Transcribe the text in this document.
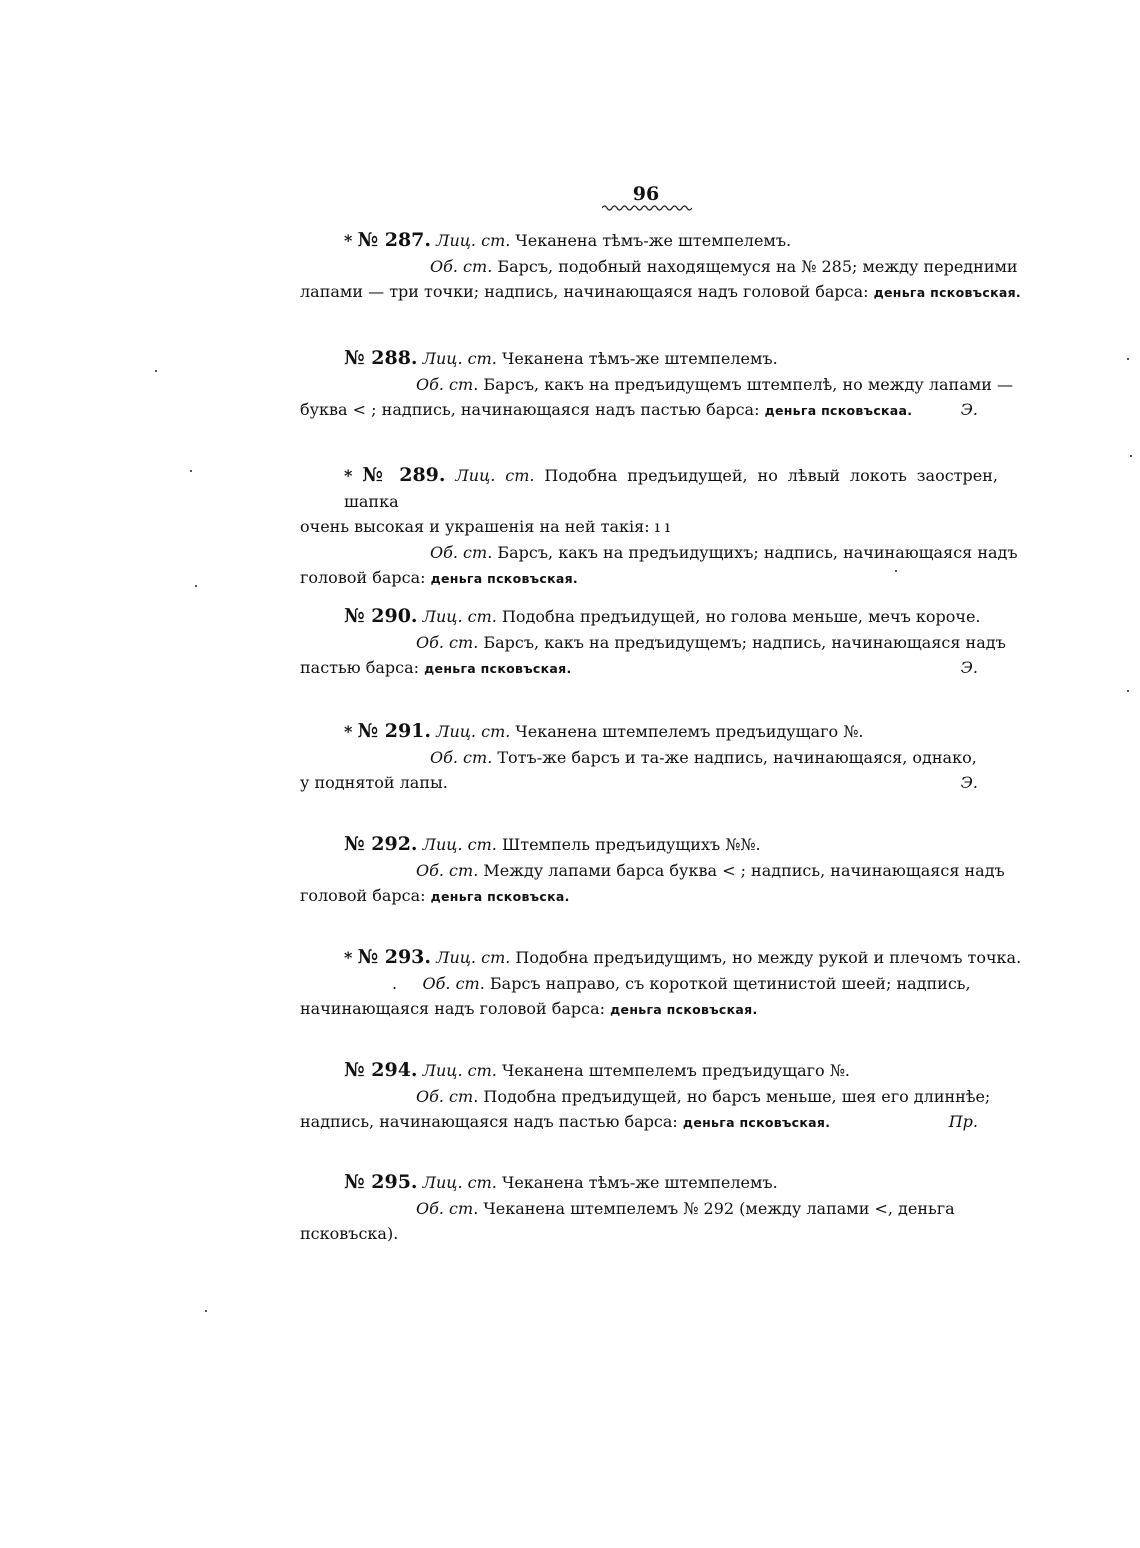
96
* № 287. Лиц. ст. Чеканена тѣмъ-же штемпелемъ.
Об. ст. Барсъ, подобный находящемуся на № 285; между передними
лапами — три точки; надпись, начинающаяся надъ головой барса: деньга псковъская.
№ 288. Лиц. ст. Чеканена тѣмъ-же штемпелемъ.
Об. ст. Барсъ, какъ на предъидущемъ штемпелѣ, но между лапами —
буква < ; надпись, начинающаяся надъ пастью барса: деньга псковъскаа.	Э.
* № 289. Лиц. ст. Подобна предъидущей, но лѣвый локоть заострен, шапка
очень высокая и украшенія на ней такія: ı ı
Об. ст. Барсъ, какъ на предъидущихъ; надпись, начинающаяся надъ
головой барса: деньга псковъская.
№ 290. Лиц. ст. Подобна предъидущей, но голова меньше, мечъ короче.
Об. ст. Барсъ, какъ на предъидущемъ; надпись, начинающаяся надъ
пастью барса: деньга псковъская.	Э.
* № 291. Лиц. ст. Чеканена штемпелемъ предъидущаго №.
Об. ст. Тотъ-же барсъ и та-же надпись, начинающаяся, однако,
у поднятой лапы.	Э.
№ 292. Лиц. ст. Штемпель предъидущихъ №№.
Об. ст. Между лапами барса буква < ; надпись, начинающаяся надъ
головой барса: деньга псковъска.
* № 293. Лиц. ст. Подобна предъидущимъ, но между рукой и плечомъ точка.
. Об. ст. Барсъ направо, съ короткой щетинистой шеей; надпись,
начинающаяся надъ головой барса: деньга псковъская.
№ 294. Лиц. ст. Чеканена штемпелемъ предъидущаго №.
Об. ст. Подобна предъидущей, но барсъ меньше, шея его длиннѣе;
надпись, начинающаяся надъ пастью барса: деньга псковъская.	Пр.
№ 295. Лиц. ст. Чеканена тѣмъ-же штемпелемъ.
Об. ст. Чеканена штемпелемъ № 292 (между лапами <, деньга
псковъска).
